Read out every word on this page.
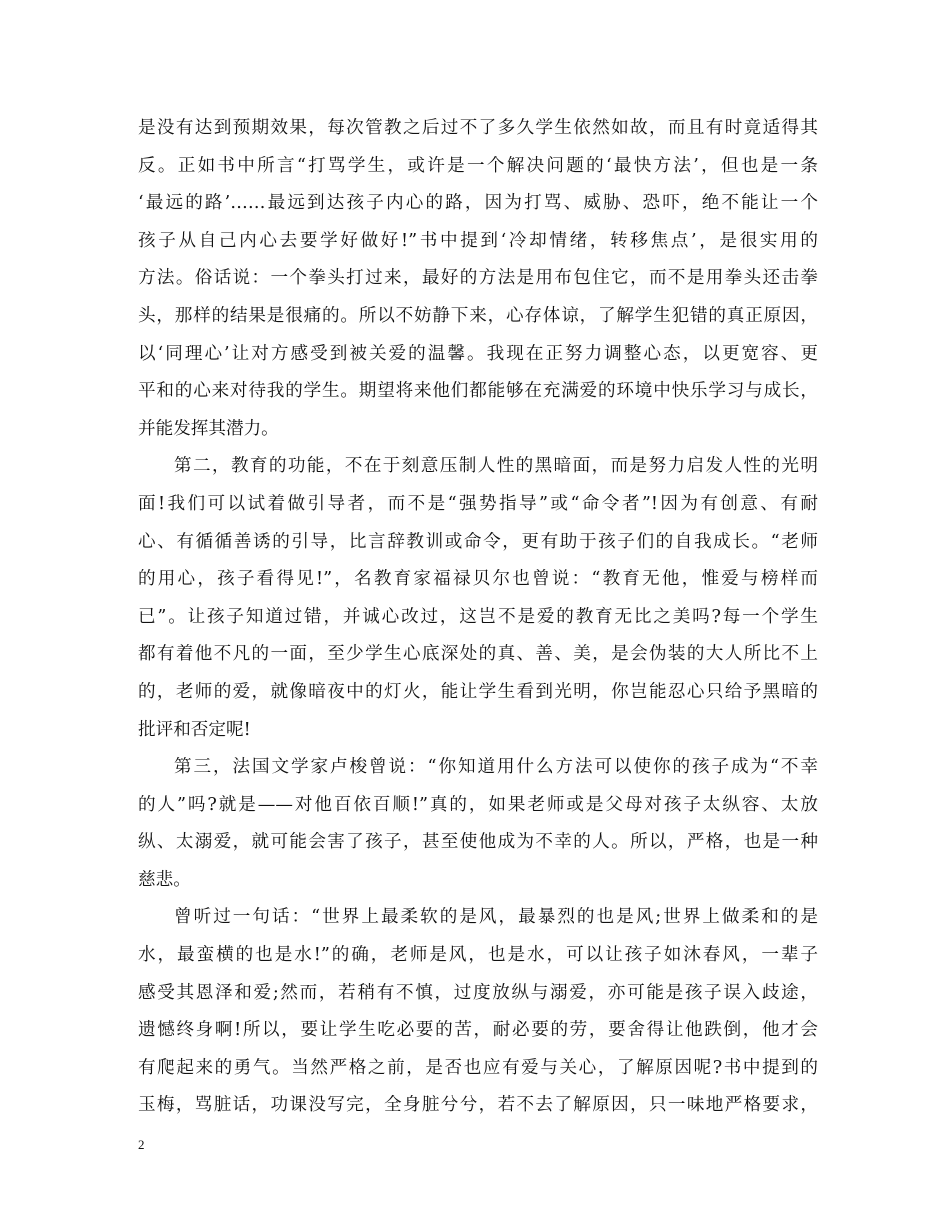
是没有达到预期效果，每次管教之后过不了多久学生依然如故，而且有时竟适得其
反。正如书中所言“打骂学生，或许是一个解决问题的‘最快方法’，但也是一条
‘最远的路’……最远到达孩子内心的路，因为打骂、威胁、恐吓，绝不能让一个
孩子从自己内心去要学好做好!”书中提到‘冷却情绪，转移焦点’，是很实用的
方法。俗话说：一个拳头打过来，最好的方法是用布包住它，而不是用拳头还击拳
头，那样的结果是很痛的。所以不妨静下来，心存体谅，了解学生犯错的真正原因，
以‘同理心’让对方感受到被关爱的温馨。我现在正努力调整心态，以更宽容、更
平和的心来对待我的学生。期望将来他们都能够在充满爱的环境中快乐学习与成长，
并能发挥其潜力。
第二，教育的功能，不在于刻意压制人性的黑暗面，而是努力启发人性的光明
面!我们可以试着做引导者，而不是“强势指导”或“命令者”!因为有创意、有耐
心、有循循善诱的引导，比言辞教训或命令，更有助于孩子们的自我成长。“老师
的用心，孩子看得见!”，名教育家福禄贝尔也曾说：“教育无他，惟爱与榜样而
已”。让孩子知道过错，并诚心改过，这岂不是爱的教育无比之美吗?每一个学生
都有着他不凡的一面，至少学生心底深处的真、善、美，是会伪装的大人所比不上
的，老师的爱，就像暗夜中的灯火，能让学生看到光明，你岂能忍心只给予黑暗的
批评和否定呢!
第三，法国文学家卢梭曾说：“你知道用什么方法可以使你的孩子成为“不幸
的人”吗?就是——对他百依百顺!”真的，如果老师或是父母对孩子太纵容、太放
纵、太溺爱，就可能会害了孩子，甚至使他成为不幸的人。所以，严格，也是一种
慈悲。
曾听过一句话：“世界上最柔软的是风，最暴烈的也是风;世界上做柔和的是
水，最蛮横的也是水!”的确，老师是风，也是水，可以让孩子如沐春风，一辈子
感受其恩泽和爱;然而，若稍有不慎，过度放纵与溺爱，亦可能是孩子误入歧途，
遗憾终身啊!所以，要让学生吃必要的苦，耐必要的劳，要舍得让他跌倒，他才会
有爬起来的勇气。当然严格之前，是否也应有爱与关心，了解原因呢?书中提到的
玉梅，骂脏话，功课没写完，全身脏兮兮，若不去了解原因，只一味地严格要求，
2
